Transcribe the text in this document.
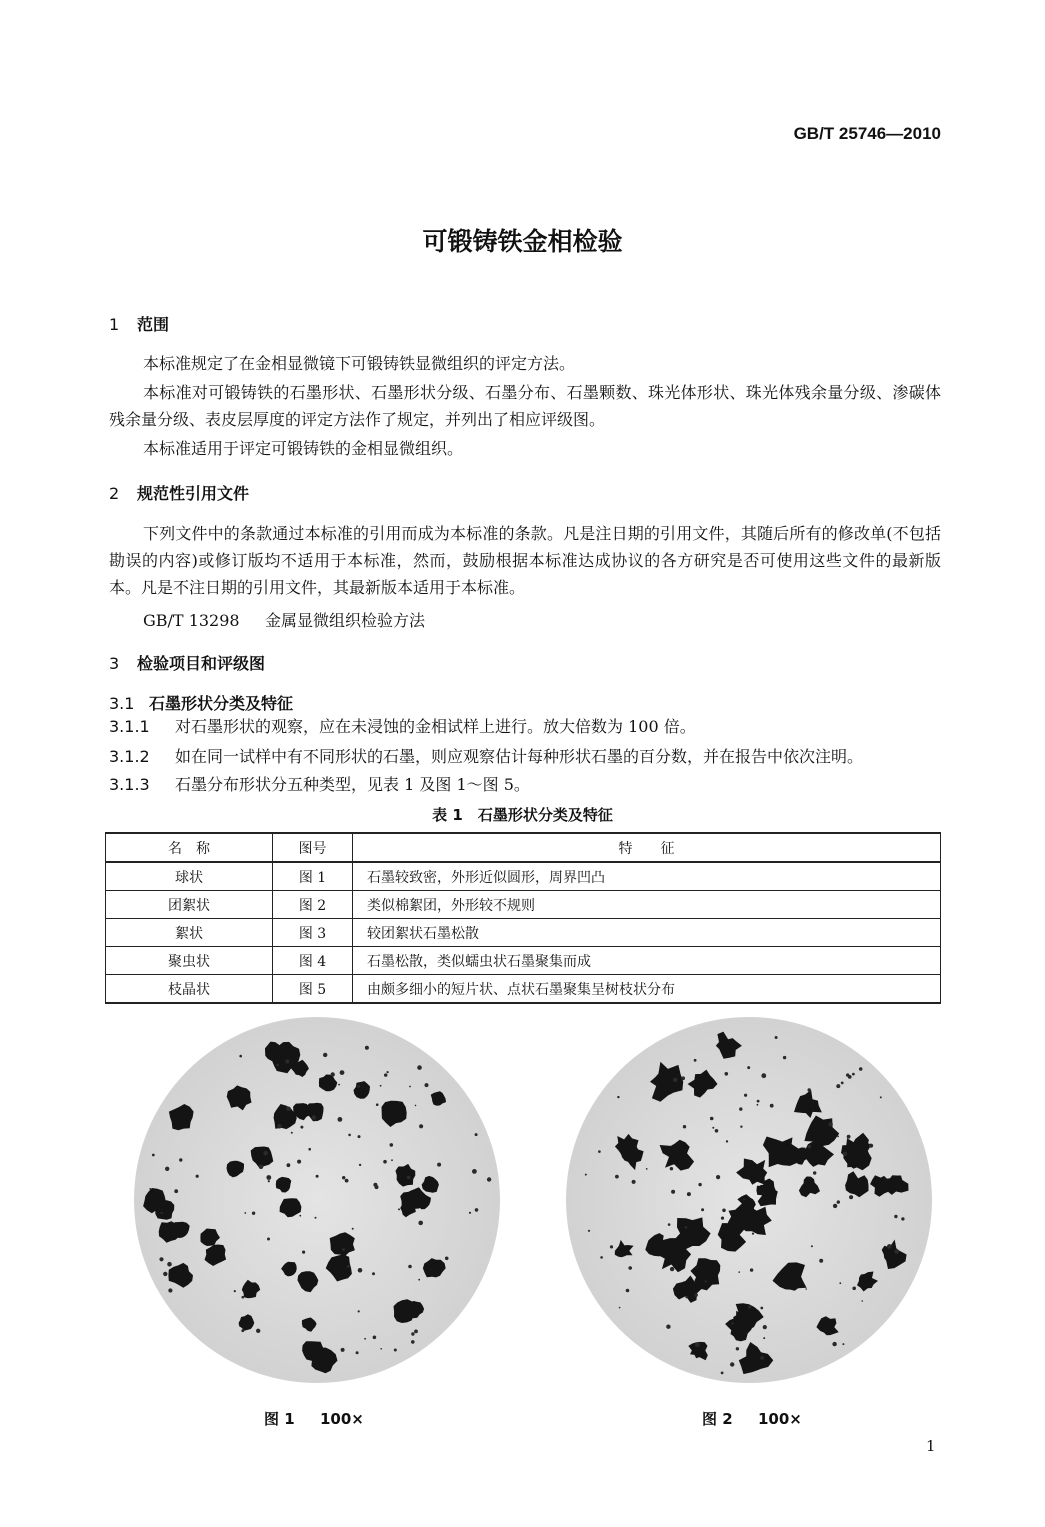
GB/T 25746—2010
可锻铸铁金相检验
1 范围
本标准规定了在金相显微镜下可锻铸铁显微组织的评定方法。
本标准对可锻铸铁的石墨形状、石墨形状分级、石墨分布、石墨颗数、珠光体形状、珠光体残余量分级、渗碳体残余量分级、表皮层厚度的评定方法作了规定，并列出了相应评级图。
本标准适用于评定可锻铸铁的金相显微组织。
2 规范性引用文件
下列文件中的条款通过本标准的引用而成为本标准的条款。凡是注日期的引用文件，其随后所有的修改单(不包括勘误的内容)或修订版均不适用于本标准，然而，鼓励根据本标准达成协议的各方研究是否可使用这些文件的最新版本。凡是不注日期的引用文件，其最新版本适用于本标准。
GB/T 13298 金属显微组织检验方法
3 检验项目和评级图
3.1 石墨形状分类及特征
3.1.1 对石墨形状的观察，应在未浸蚀的金相试样上进行。放大倍数为 100 倍。
3.1.2 如在同一试样中有不同形状的石墨，则应观察估计每种形状石墨的百分数，并在报告中依次注明。
3.1.3 石墨分布形状分五种类型，见表 1 及图 1～图 5。
表 1　石墨形状分类及特征
名　称	图号	特　　征
球状	图 1	石墨较致密，外形近似圆形，周界凹凸
团絮状	图 2	类似棉絮团，外形较不规则
絮状	图 3	较团絮状石墨松散
聚虫状	图 4	石墨松散，类似蠕虫状石墨聚集而成
枝晶状	图 5	由颇多细小的短片状、点状石墨聚集呈树枝状分布
图 1 100×	图 2 100×
1
